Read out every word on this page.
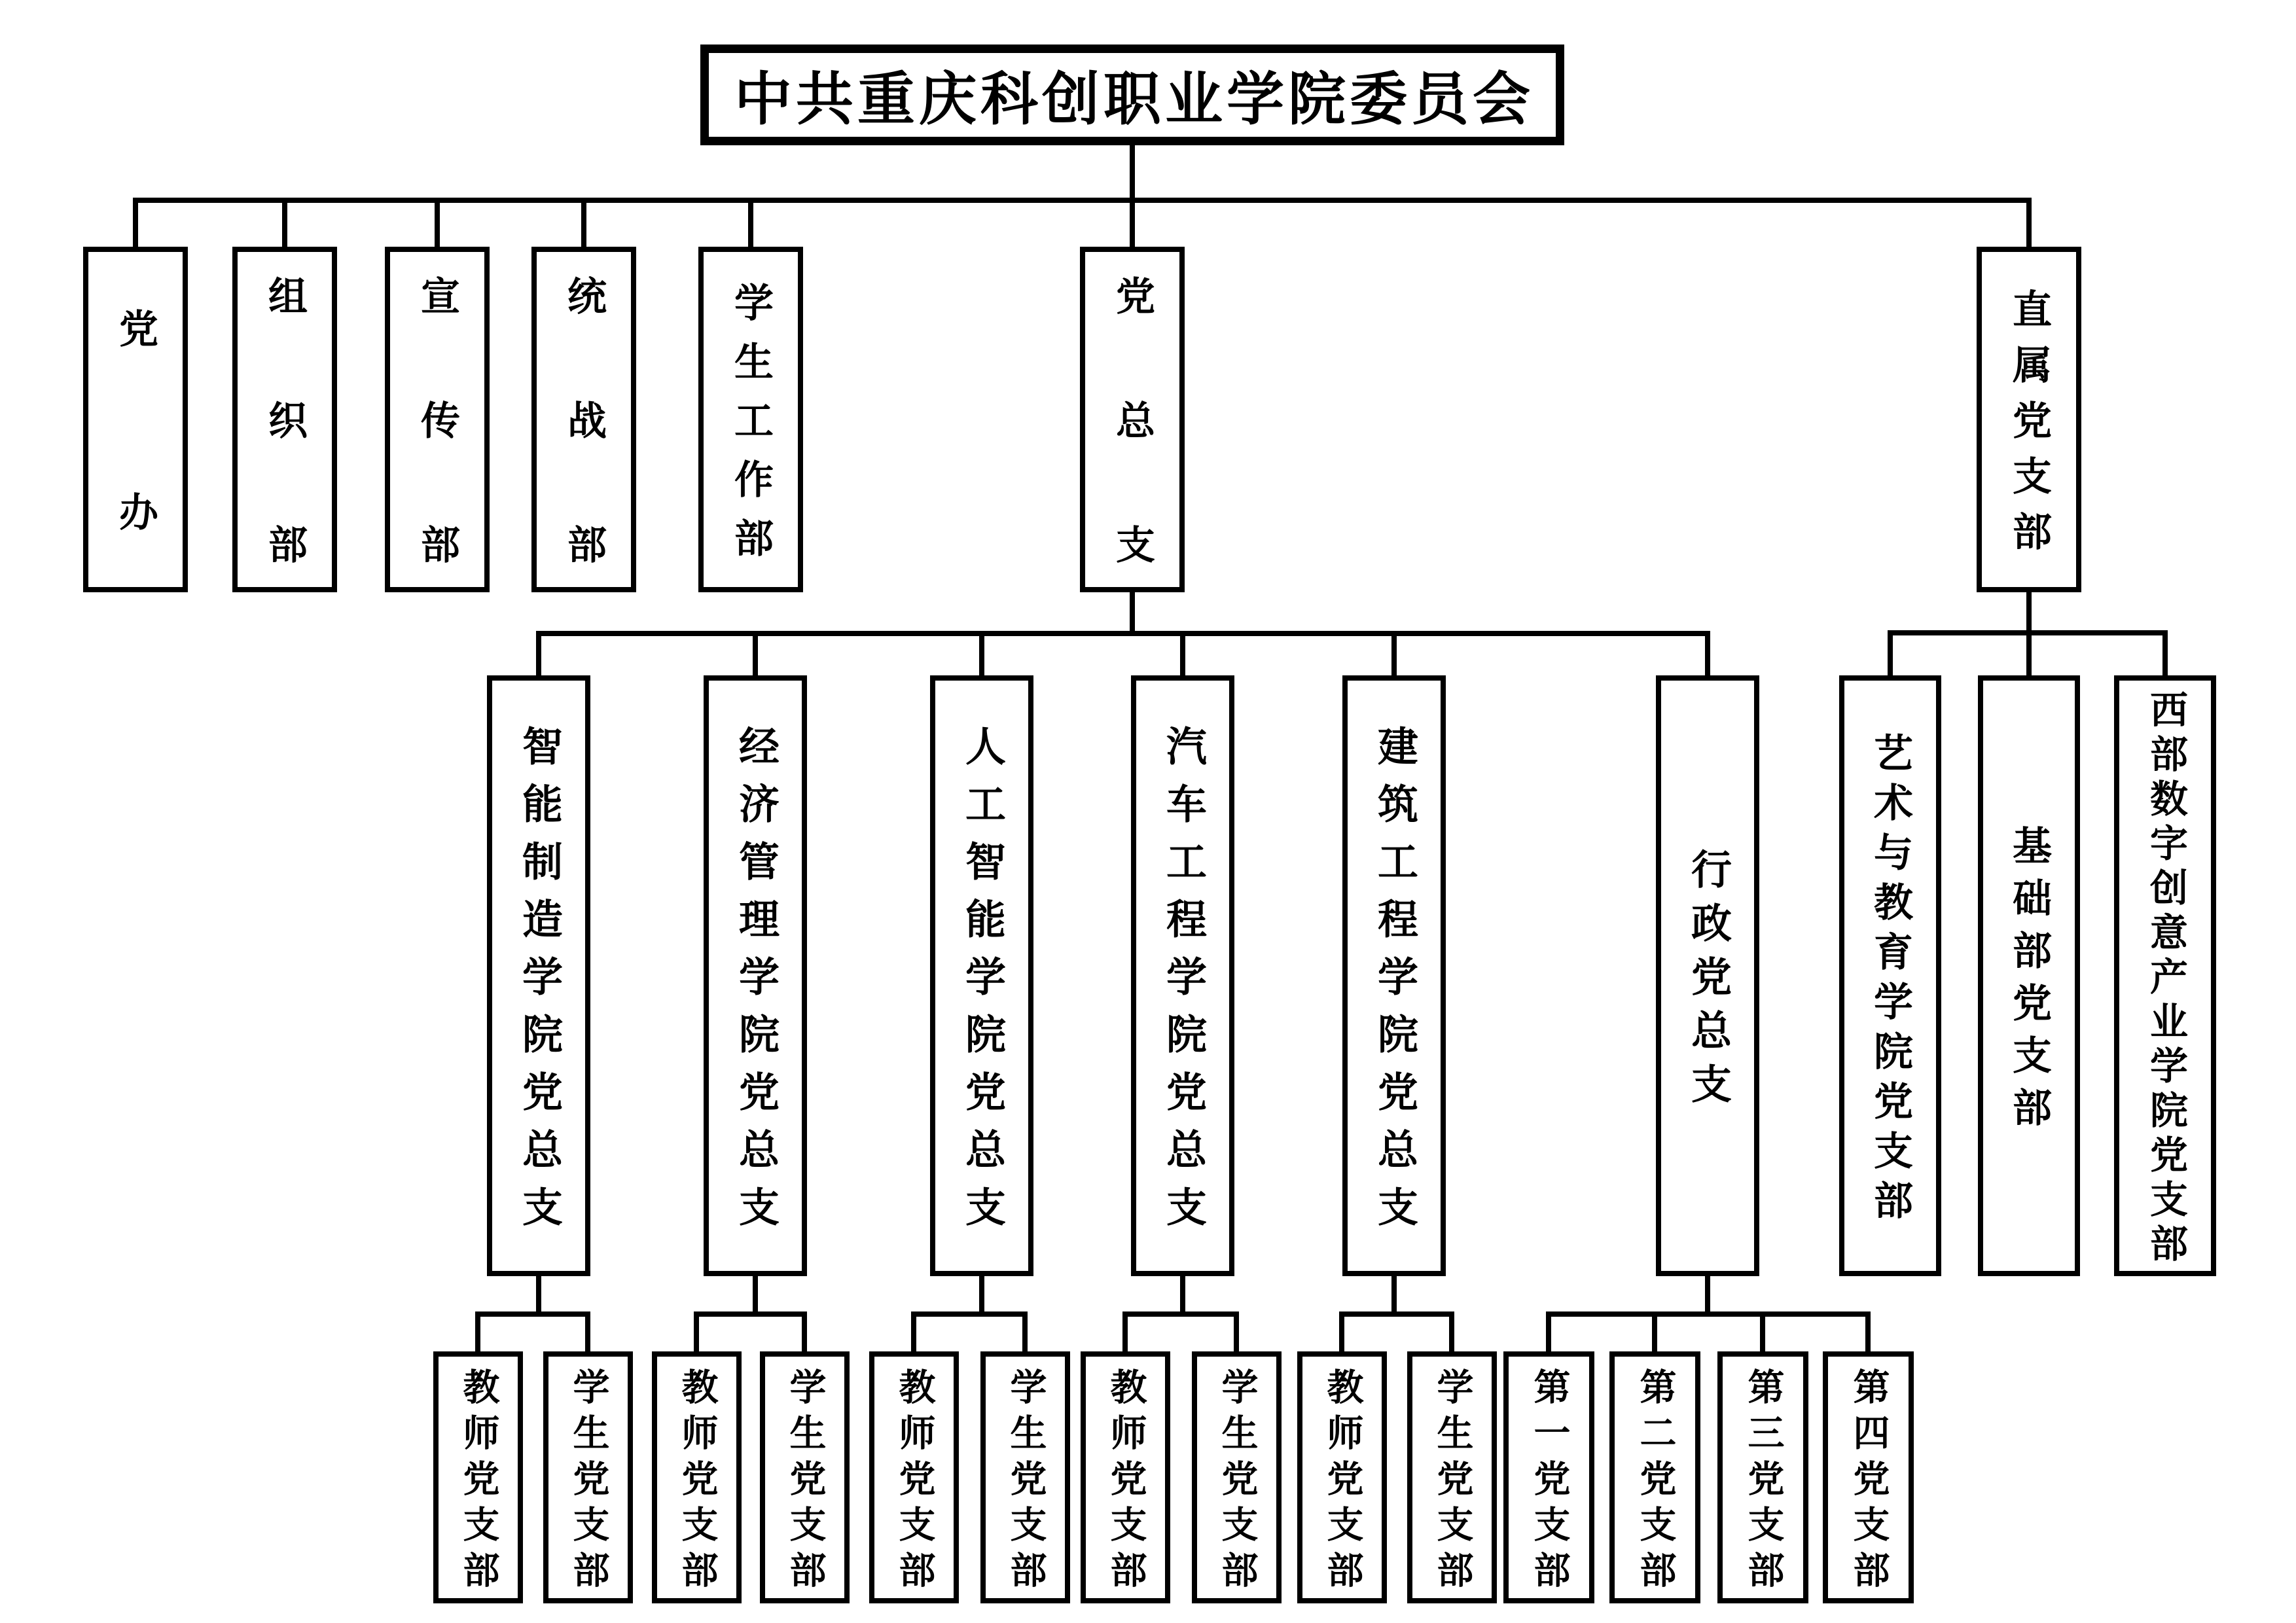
中共重庆科创职业学院委员会
党办	组织部	宣传部	统战部	学生工作部	党总支	直属党支部
智能制造学院党总支	经济管理学院党总支	人工智能学院党总支	汽车工程学院党总支	建筑工程学院党总支	行政党总支	艺术与教育学院党支部 基础部党支部 西部数字创意产业学院党支部
教师党支部 学生党支部 教师党支部 学生党支部 教师党支部 学生党支部 教师党支部 学生党支部 教师党支部 学生党支部 第一党支部 第二党支部 第三党支部 第四党支部
